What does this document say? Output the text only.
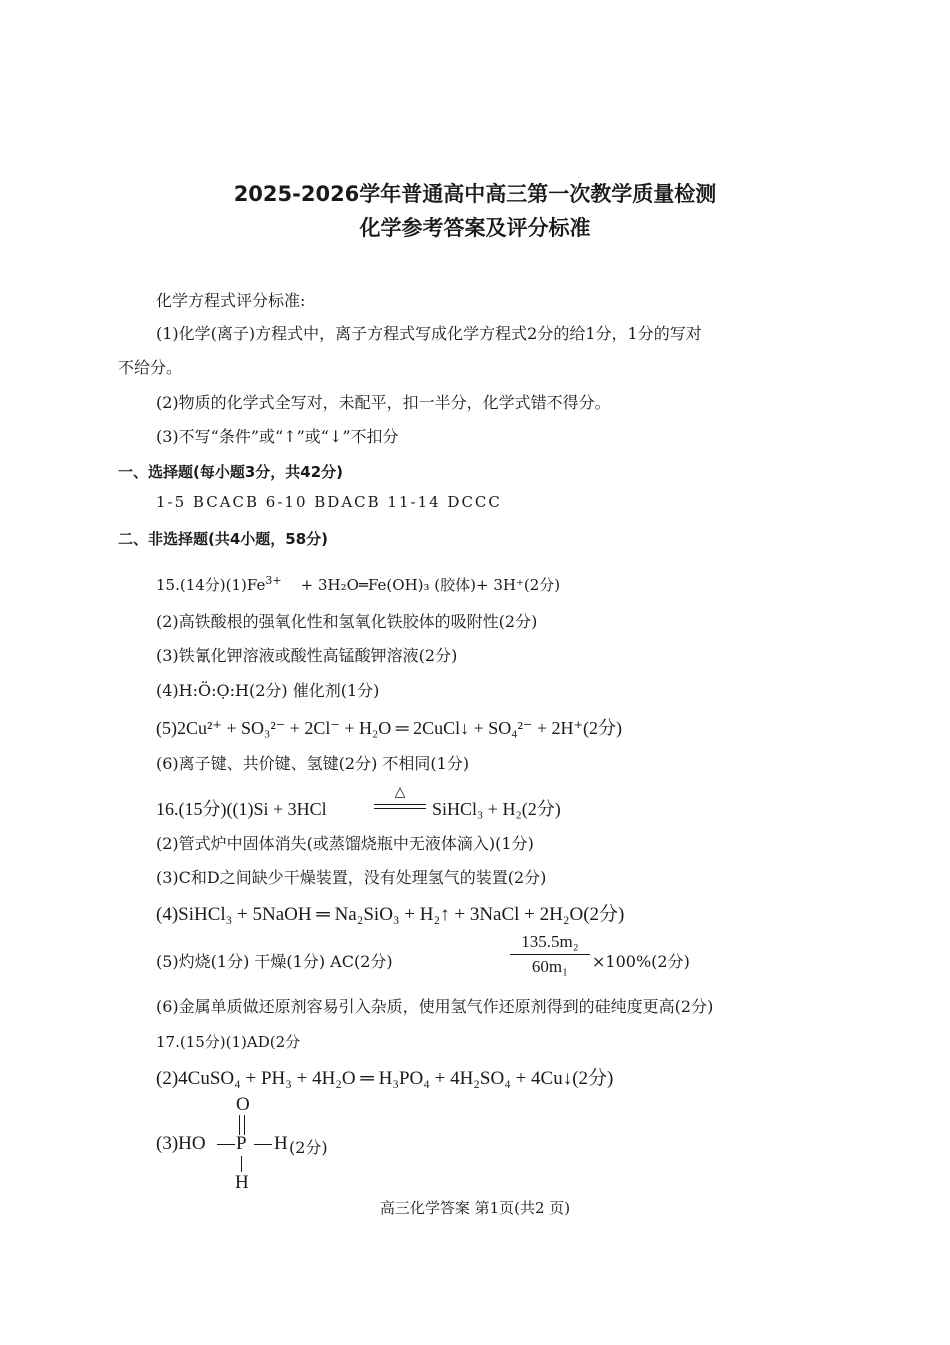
2025-2026学年普通高中高三第一次教学质量检测
化学参考答案及评分标准
化学方程式评分标准:
(1)化学(离子)方程式中，离子方程式写成化学方程式2分的给1分，1分的写对
不给分。
(2)物质的化学式全写对，未配平，扣一半分，化学式错不得分。
(3)不写“条件”或“↑”或“↓”不扣分
一、选择题(每小题3分，共42分)
1-5 BCACB 6-10 BDACB 11-14 DCCC
二、非选择题(共4小题，58分)
15.(14分)$(1)Fe^{3+}$ + 3H₂O═Fe(OH)₃ (胶体)+ 3H⁺(2分)
(2)高铁酸根的强氧化性和氢氧化铁胶体的吸附性(2分)
(3)铁氰化钾溶液或酸性高锰酸钾溶液(2分)
(4)H:Ö:Ọ:H(2分) 催化剂(1分)
(5)2Cu²⁺ + SO₃²⁻ + 2Cl⁻ + H₂O ═ 2CuCl↓ + SO₄²⁻ + 2H⁺(2分)
(6)离子键、共价键、氢键(2分) 不相同(1分)
16.(15分)((1)Si + 3HCl
△
SiHCl₃ + H₂(2分)
(2)管式炉中固体消失(或蒸馏烧瓶中无液体滴入)(1分)
(3)C和D之间缺少干燥装置，没有处理氢气的装置(2分)
(4)SiHCl₃ + 5NaOH ═ Na₂SiO₃ + H₂↑ + 3NaCl + 2H₂O(2分)
(5)灼烧(1分) 干燥(1分) AC(2分)
135.5m₂
60m₁	×100%(2分)
(6)金属单质做还原剂容易引入杂质，使用氢气作还原剂得到的硅纯度更高(2分)
17.(15分)(1)AD(2分
(2)4CuSO₄ + PH₃ + 4H₂O ═ H₃PO₄ + 4H₂SO₄ + 4Cu↓(2分)
O
(3)HO P H (2分)
H
高三化学答案 第1页(共2 页)
